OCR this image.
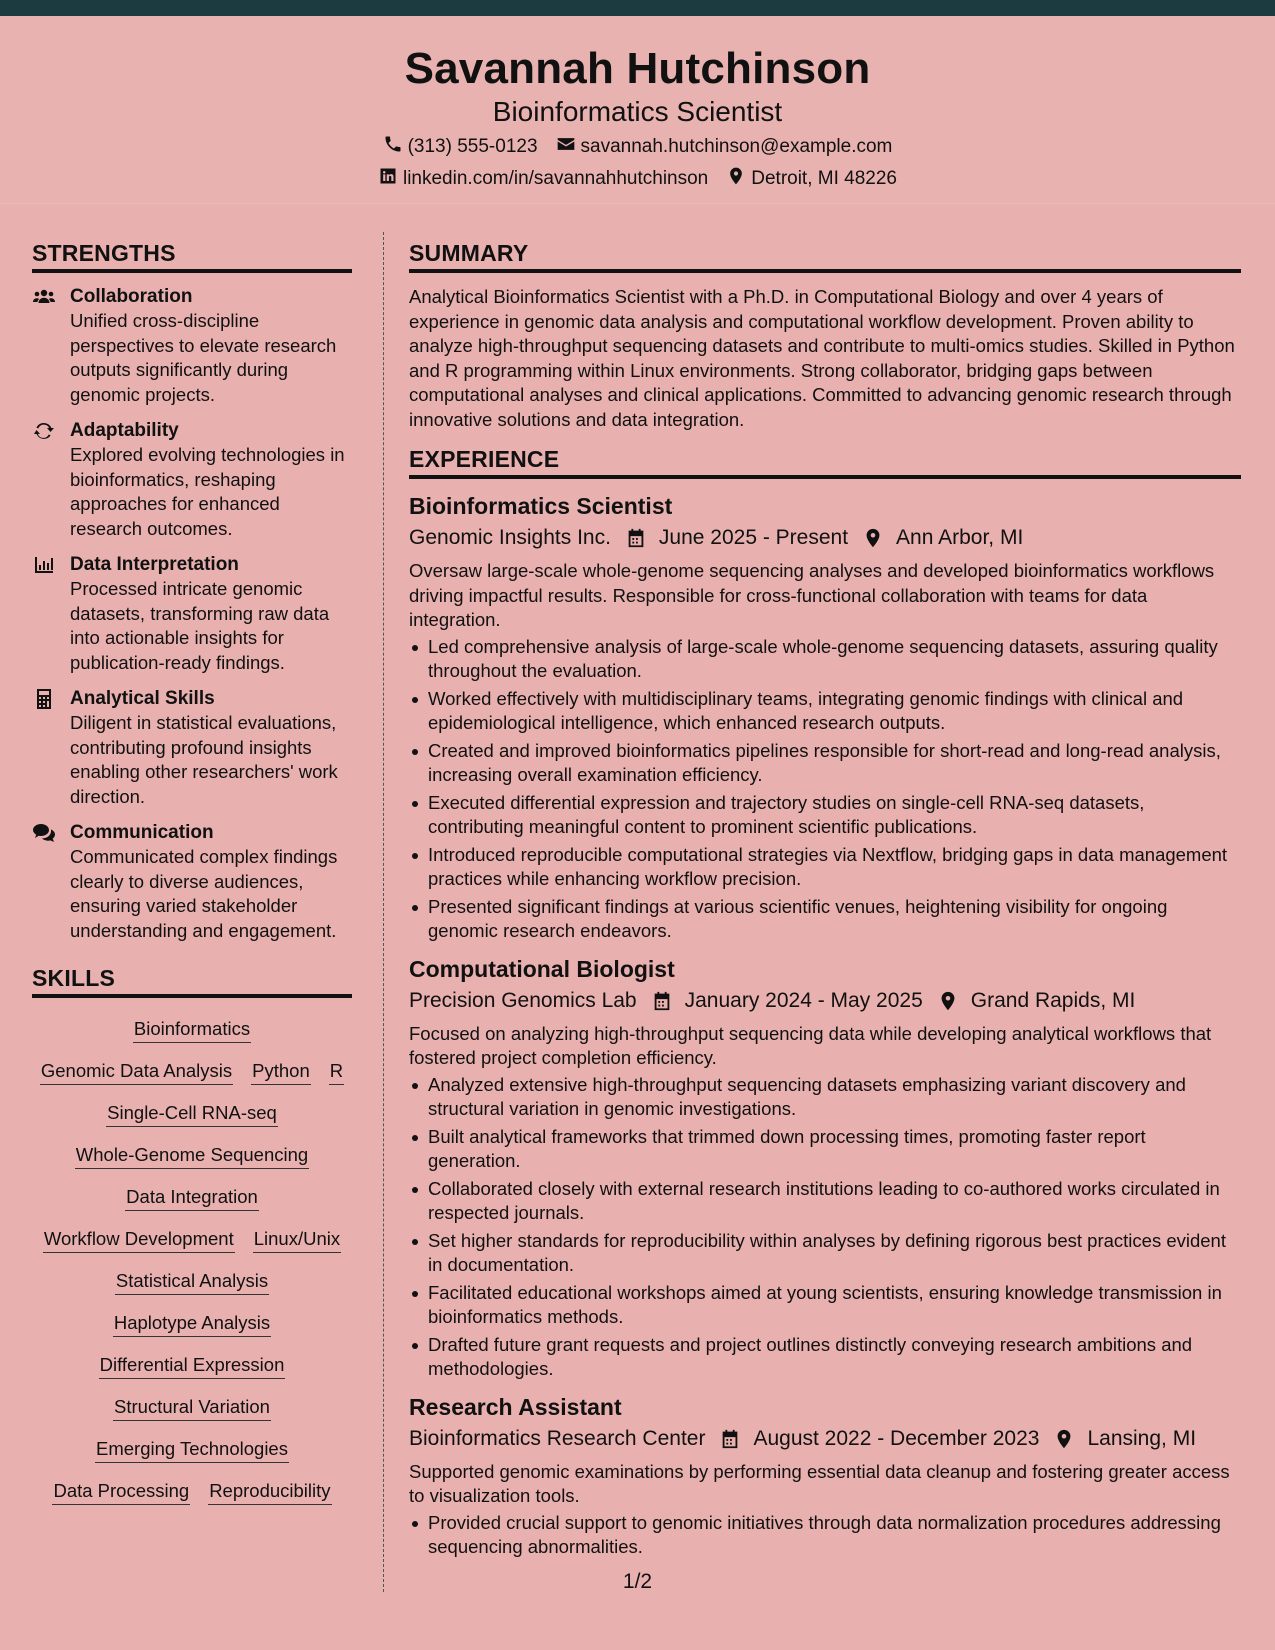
Savannah Hutchinson
Bioinformatics Scientist
(313) 555-0123 savannah.hutchinson@example.com
linkedin.com/in/savannahhutchinson Detroit, MI 48226
STRENGTHS
Collaboration
Unified cross-discipline perspectives to elevate research outputs significantly during genomic projects.
Adaptability
Explored evolving technologies in bioinformatics, reshaping approaches for enhanced research outcomes.
Data Interpretation
Processed intricate genomic datasets, transforming raw data into actionable insights for publication-ready findings.
Analytical Skills
Diligent in statistical evaluations, contributing profound insights enabling other researchers' work direction.
Communication
Communicated complex findings clearly to diverse audiences, ensuring varied stakeholder understanding and engagement.
SKILLS
Bioinformatics
Genomic Data Analysis Python R
Single-Cell RNA-seq
Whole-Genome Sequencing
Data Integration
Workflow Development Linux/Unix
Statistical Analysis
Haplotype Analysis
Differential Expression
Structural Variation
Emerging Technologies
Data Processing Reproducibility
SUMMARY
Analytical Bioinformatics Scientist with a Ph.D. in Computational Biology and over 4 years of experience in genomic data analysis and computational workflow development. Proven ability to analyze high-throughput sequencing datasets and contribute to multi-omics studies. Skilled in Python and R programming within Linux environments. Strong collaborator, bridging gaps between computational analyses and clinical applications. Committed to advancing genomic research through innovative solutions and data integration.
EXPERIENCE
Bioinformatics Scientist
Genomic Insights Inc. June 2025 - Present Ann Arbor, MI
Oversaw large-scale whole-genome sequencing analyses and developed bioinformatics workflows driving impactful results. Responsible for cross-functional collaboration with teams for data integration.
Led comprehensive analysis of large-scale whole-genome sequencing datasets, assuring quality throughout the evaluation.
Worked effectively with multidisciplinary teams, integrating genomic findings with clinical and epidemiological intelligence, which enhanced research outputs.
Created and improved bioinformatics pipelines responsible for short-read and long-read analysis, increasing overall examination efficiency.
Executed differential expression and trajectory studies on single-cell RNA-seq datasets, contributing meaningful content to prominent scientific publications.
Introduced reproducible computational strategies via Nextflow, bridging gaps in data management practices while enhancing workflow precision.
Presented significant findings at various scientific venues, heightening visibility for ongoing genomic research endeavors.
Computational Biologist
Precision Genomics Lab January 2024 - May 2025 Grand Rapids, MI
Focused on analyzing high-throughput sequencing data while developing analytical workflows that fostered project completion efficiency.
Analyzed extensive high-throughput sequencing datasets emphasizing variant discovery and structural variation in genomic investigations.
Built analytical frameworks that trimmed down processing times, promoting faster report generation.
Collaborated closely with external research institutions leading to co-authored works circulated in respected journals.
Set higher standards for reproducibility within analyses by defining rigorous best practices evident in documentation.
Facilitated educational workshops aimed at young scientists, ensuring knowledge transmission in bioinformatics methods.
Drafted future grant requests and project outlines distinctly conveying research ambitions and methodologies.
Research Assistant
Bioinformatics Research Center August 2022 - December 2023 Lansing, MI
Supported genomic examinations by performing essential data cleanup and fostering greater access to visualization tools.
Provided crucial support to genomic initiatives through data normalization procedures addressing sequencing abnormalities.
1/2
